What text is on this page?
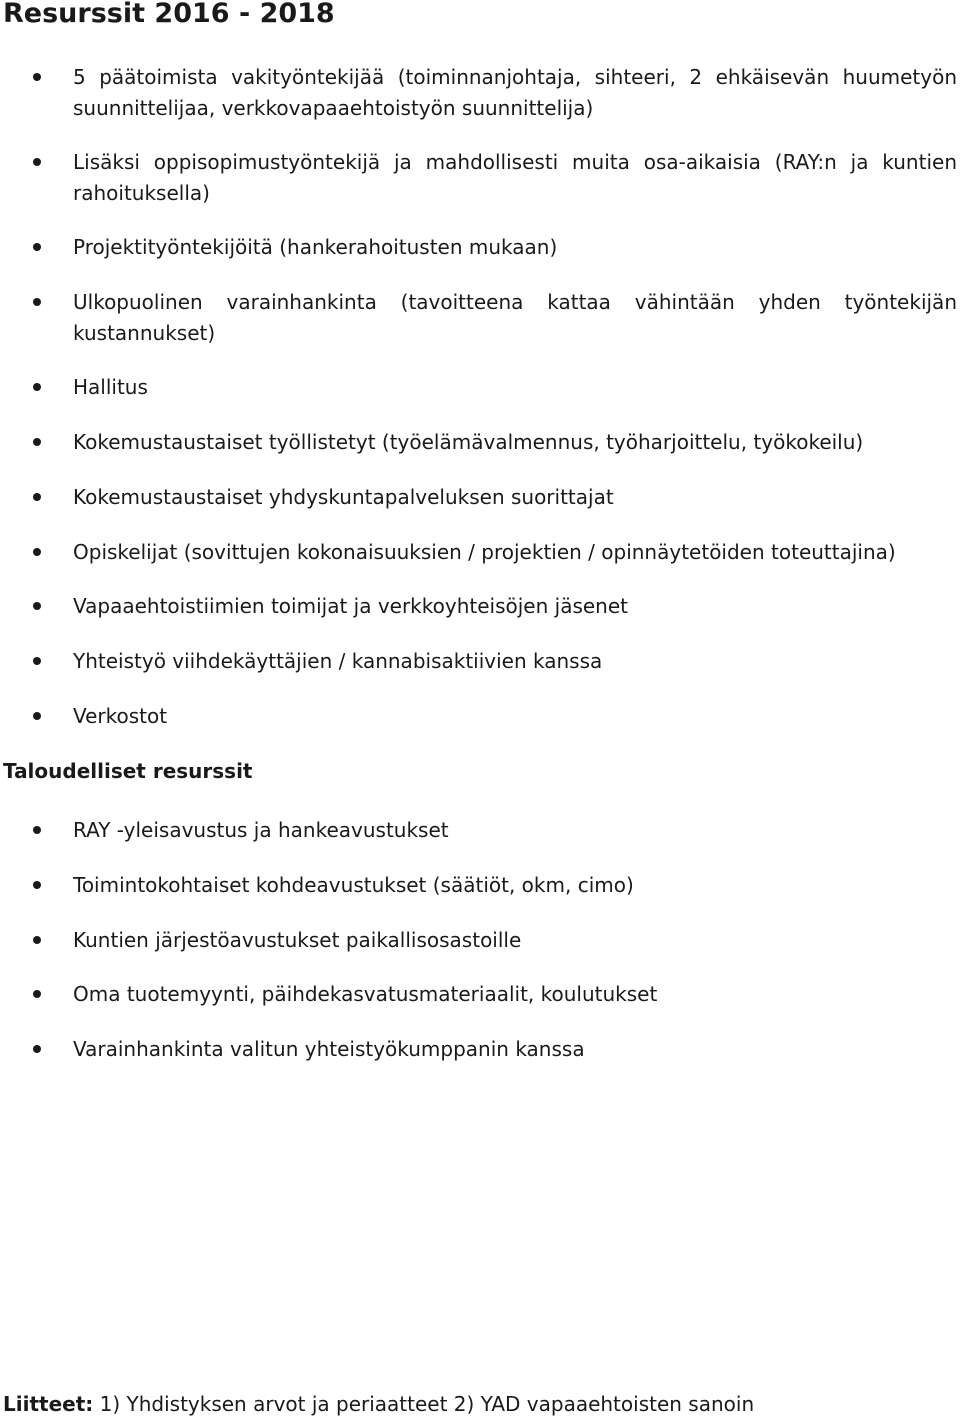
Resurssit 2016 - 2018
5 päätoimista vakityöntekijää (toiminnanjohtaja, sihteeri, 2 ehkäisevän huumetyön suunnittelijaa, verkkovapaaehtoistyön suunnittelija)
Lisäksi oppisopimustyöntekijä ja mahdollisesti muita osa-aikaisia (RAY:n ja kuntien rahoituksella)
Projektityöntekijöitä (hankerahoitusten mukaan)
Ulkopuolinen varainhankinta (tavoitteena kattaa vähintään yhden työntekijän kustannukset)
Hallitus
Kokemustaustaiset työllistetyt (työelämävalmennus, työharjoittelu, työkokeilu)
Kokemustaustaiset yhdyskuntapalveluksen suorittajat
Opiskelijat (sovittujen kokonaisuuksien / projektien / opinnäytetöiden toteuttajina)
Vapaaehtoistiimien toimijat ja verkkoyhteisöjen jäsenet
Yhteistyö viihdekäyttäjien / kannabisaktiivien kanssa
Verkostot
Taloudelliset resurssit
RAY -yleisavustus ja hankeavustukset
Toimintokohtaiset kohdeavustukset (säätiöt, okm, cimo)
Kuntien järjestöavustukset paikallisosastoille
Oma tuotemyynti, päihdekasvatusmateriaalit, koulutukset
Varainhankinta valitun yhteistyökumppanin kanssa

Liitteet: 1) Yhdistyksen arvot ja periaatteet 2) YAD vapaaehtoisten sanoin
